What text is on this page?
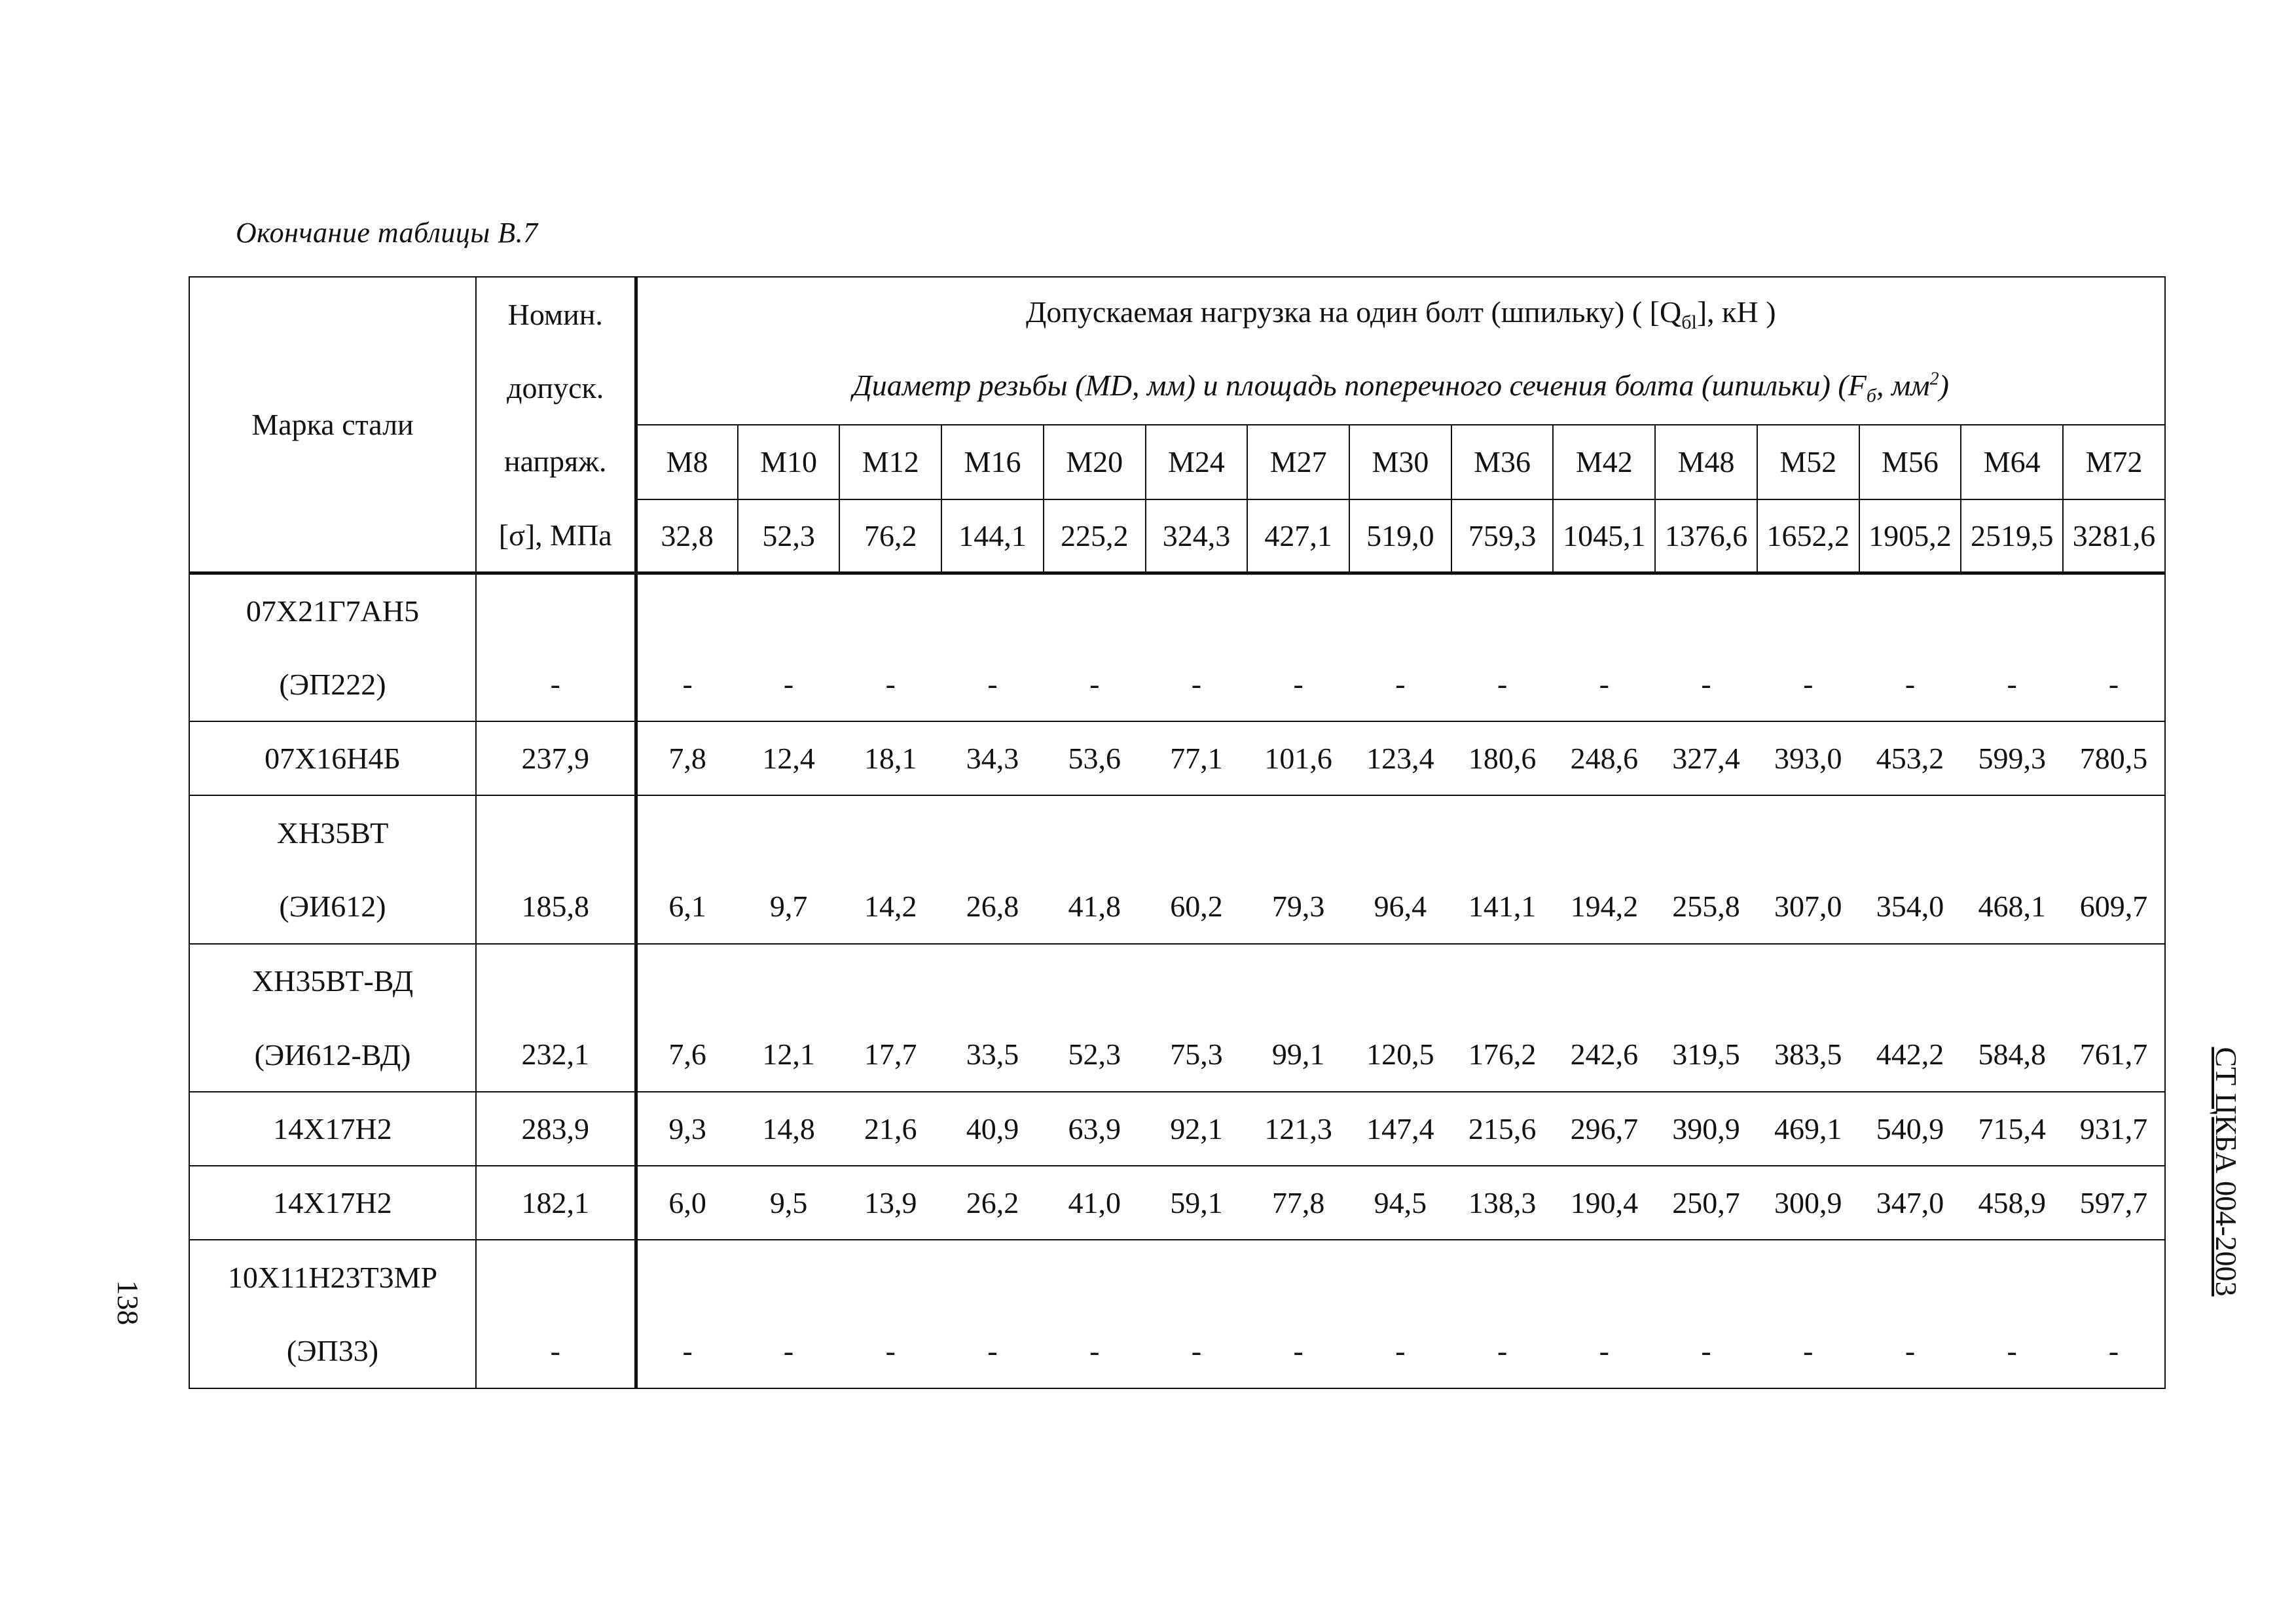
Окончание таблицы В.7
138
СТ ЦКБА 004-2003
Марка стали	Номин.
допуск.
напряж.
[σ], МПа	Допускаемая нагрузка на один болт (шпильку) ( $[Q_{бl}]$, кН )														
		Диаметр резьбы (MD, мм) и площадь поперечного сечения болта (шпильки) ($F_б$, $мм^2$)														
		M8	M10	M12	M16	M20	M24	M27	M30	M36	M42	M48	M52	M56	M64	M72
		32,8	52,3	76,2	144,1	225,2	324,3	427,1	519,0	759,3	1045,1	1376,6	1652,2	1905,2	2519,5	3281,6

07Х21Г7АН5
(ЭП222)	-	-	-	-	-	-	-	-	-	-	-	-	-	-	-	-

07Х16Н4Б	237,9	7,8	12,4	18,1	34,3	53,6	77,1	101,6	123,4	180,6	248,6	327,4	393,0	453,2	599,3	780,5

ХН35ВТ
(ЭИ612)	185,8	6,1	9,7	14,2	26,8	41,8	60,2	79,3	96,4	141,1	194,2	255,8	307,0	354,0	468,1	609,7

ХН35ВТ-ВД
(ЭИ612-ВД)	232,1	7,6	12,1	17,7	33,5	52,3	75,3	99,1	120,5	176,2	242,6	319,5	383,5	442,2	584,8	761,7

14Х17Н2	283,9	9,3	14,8	21,6	40,9	63,9	92,1	121,3	147,4	215,6	296,7	390,9	469,1	540,9	715,4	931,7

14Х17Н2	182,1	6,0	9,5	13,9	26,2	41,0	59,1	77,8	94,5	138,3	190,4	250,7	300,9	347,0	458,9	597,7

10Х11Н23Т3МР
(ЭП33)	-	-	-	-	-	-	-	-	-	-	-	-	-	-	-	-
